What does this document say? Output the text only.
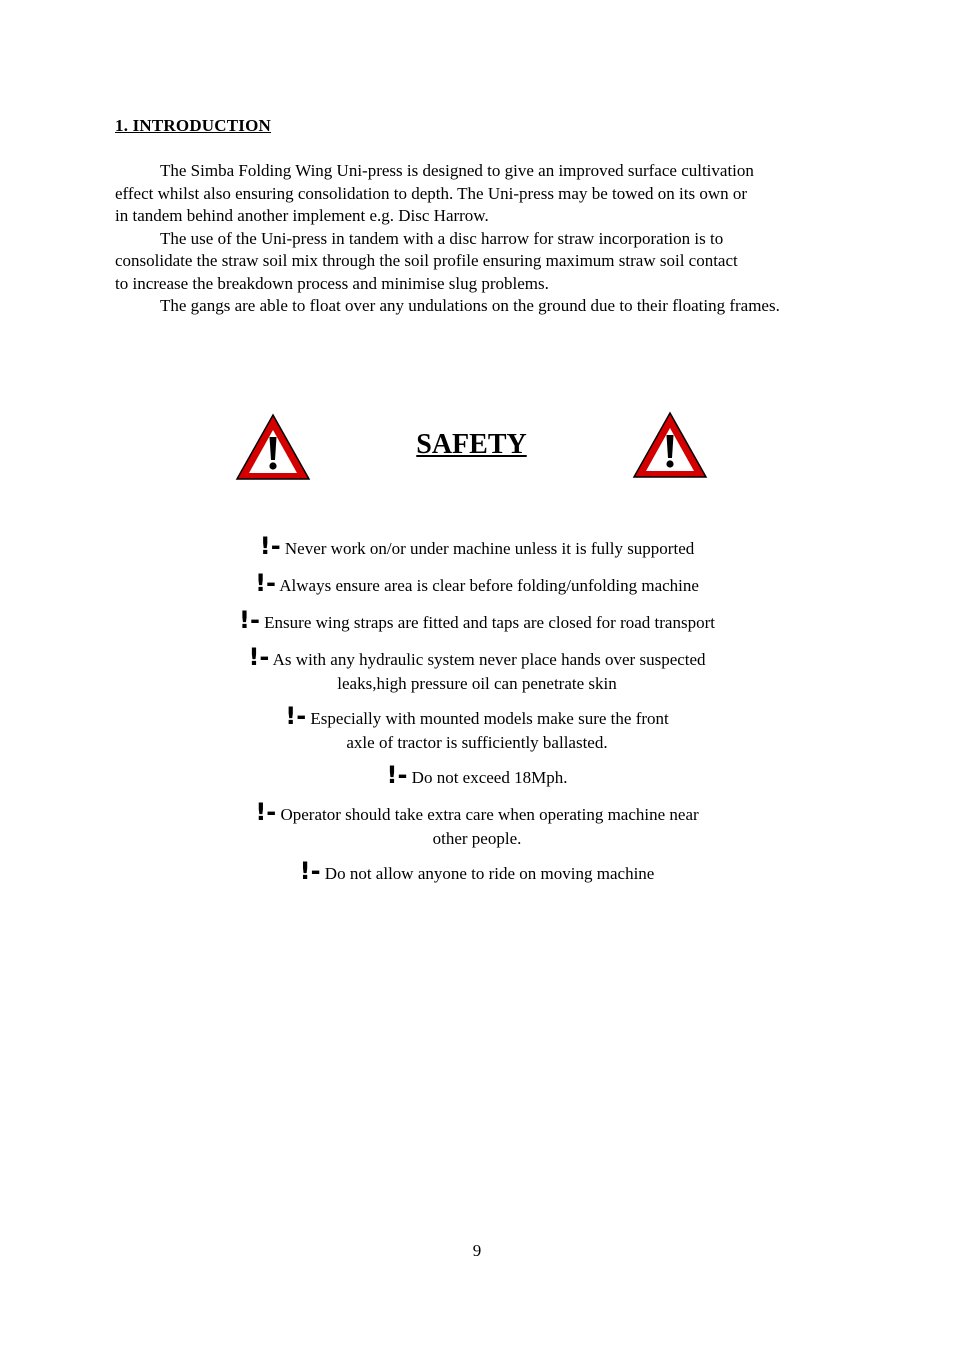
1. INTRODUCTION

The Simba Folding Wing Uni-press is designed to give an improved surface cultivation
effect whilst also ensuring consolidation to depth. The Uni-press may be towed on its own or
in tandem behind another implement e.g. Disc Harrow.

The use of the Uni-press in tandem with a disc harrow for straw incorporation is to
consolidate the straw soil mix through the soil profile ensuring maximum straw soil contact
to increase the breakdown process and minimise slug problems.

The gangs are able to float over any undulations on the ground due to their floating frames.

SAFETY
!- Never work on/or under machine unless it is fully supported
!- Always ensure area is clear before folding/unfolding machine
!- Ensure wing straps are fitted and taps are closed for road transport
!- As with any hydraulic system never place hands over suspected
leaks,high pressure oil can penetrate skin
!- Especially with mounted models make sure the front
axle of tractor is sufficiently ballasted.
!- Do not exceed 18Mph.
!- Operator should take extra care when operating machine near
other people.
!- Do not allow anyone to ride on moving machine
9
